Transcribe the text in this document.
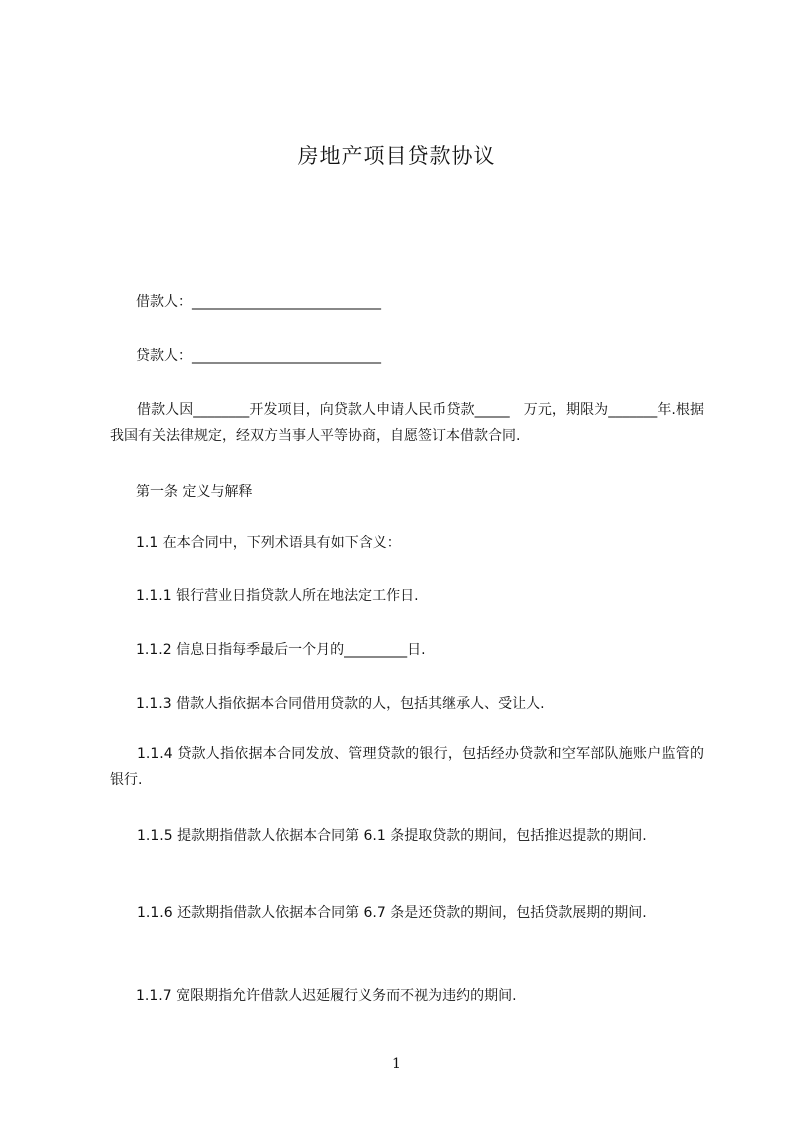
房地产项目贷款协议
借款人：___________________________
贷款人：___________________________
借款人因________开发项目，向贷款人申请人民币贷款_____　万元，期限为_______年.根据我国有关法律规定，经双方当事人平等协商，自愿签订本借款合同.
第一条 定义与解释
1.1 在本合同中，下列术语具有如下含义：
1.1.1 银行营业日指贷款人所在地法定工作日.
1.1.2 信息日指每季最后一个月的_________日.
1.1.3 借款人指依据本合同借用贷款的人，包括其继承人、受让人.
1.1.4 贷款人指依据本合同发放、管理贷款的银行，包括经办贷款和空军部队施账户监管的银行.
1.1.5 提款期指借款人依据本合同第 6.1 条提取贷款的期间，包括推迟提款的期间.
1.1.6 还款期指借款人依据本合同第 6.7 条是还贷款的期间，包括贷款展期的期间.
1.1.7 宽限期指允许借款人迟延履行义务而不视为违约的期间.
1
